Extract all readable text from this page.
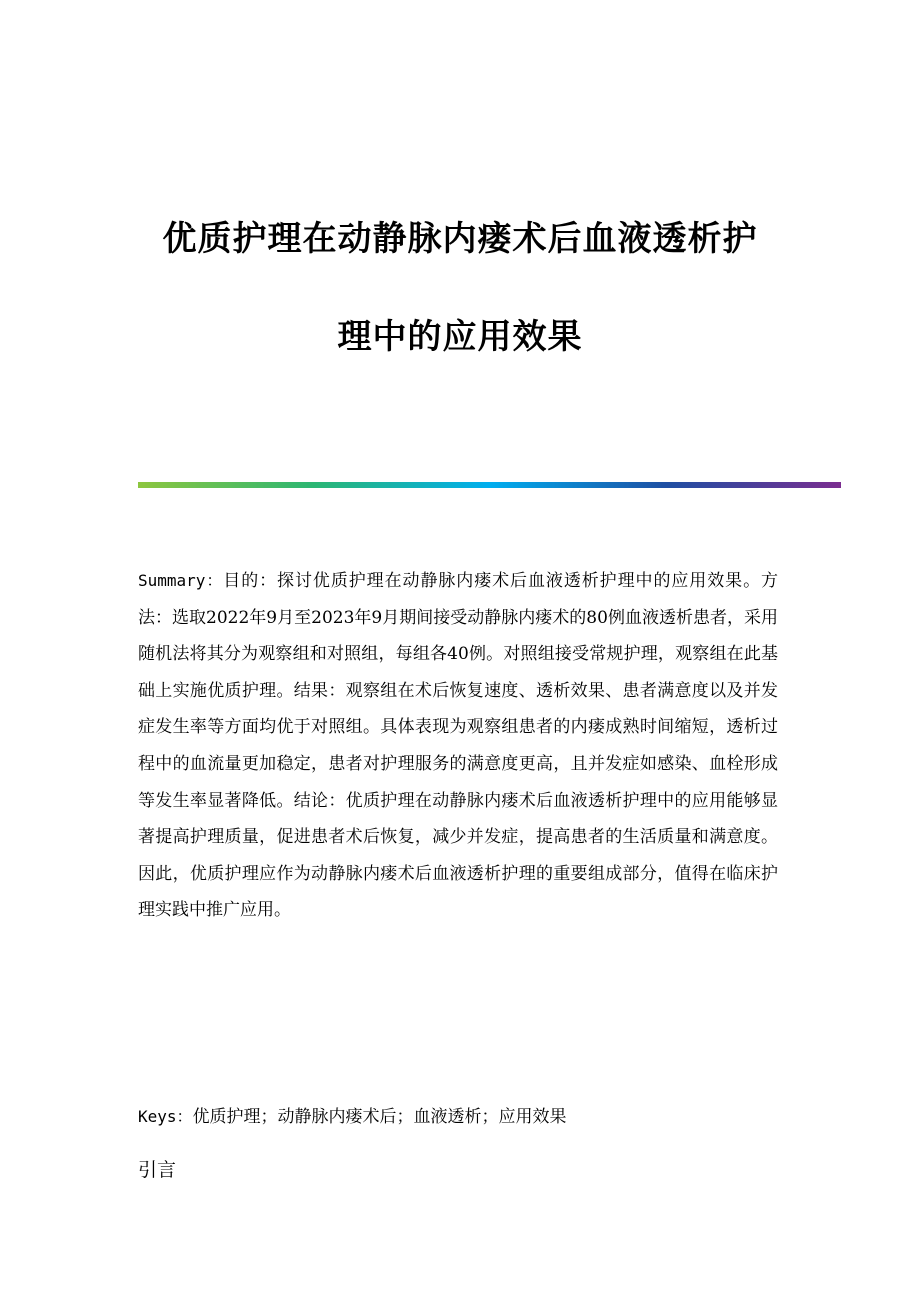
优质护理在动静脉内瘘术后血液透析护
理中的应用效果

Summary：目的：探讨优质护理在动静脉内瘘术后血液透析护理中的应用效果。方法：选取2022年9月至2023年9月期间接受动静脉内瘘术的80例血液透析患者，采用随机法将其分为观察组和对照组，每组各40例。对照组接受常规护理，观察组在此基础上实施优质护理。结果：观察组在术后恢复速度、透析效果、患者满意度以及并发症发生率等方面均优于对照组。具体表现为观察组患者的内瘘成熟时间缩短，透析过程中的血流量更加稳定，患者对护理服务的满意度更高，且并发症如感染、血栓形成等发生率显著降低。结论：优质护理在动静脉内瘘术后血液透析护理中的应用能够显著提高护理质量，促进患者术后恢复，减少并发症，提高患者的生活质量和满意度。因此，优质护理应作为动静脉内瘘术后血液透析护理的重要组成部分，值得在临床护理实践中推广应用。

Keys：优质护理；动静脉内瘘术后；血液透析；应用效果

引言
